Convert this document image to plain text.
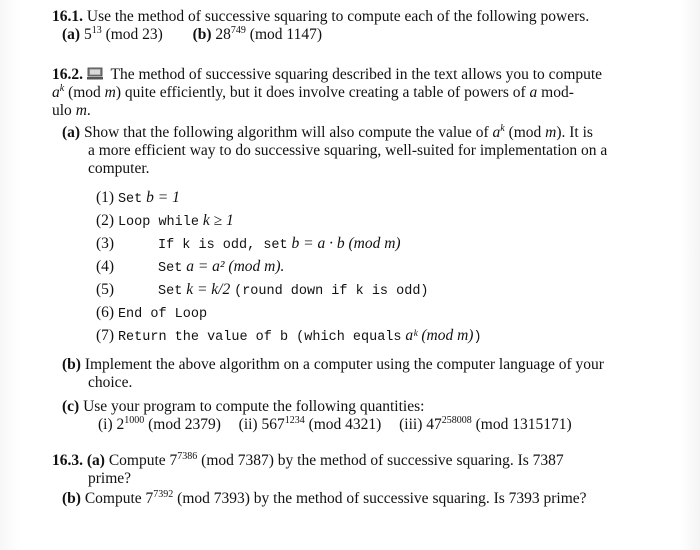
16.1. Use the method of successive squaring to compute each of the following powers.
(a) $5^{13}$ (mod 23) (b) $28^{749}$ (mod 1147)
16.2. The method of successive squaring described in the text allows you to compute
$a^k$ (mod m) quite efficiently, but it does involve creating a table of powers of a mod-
ulo m.
(a) Show that the following algorithm will also compute the value of $a^k$ (mod m). It is
a more efficient way to do successive squaring, well-suited for implementation on a
computer.
(1) Set b = 1
(2) Loop while k ≥ 1
(3)	If k is odd, set b = a · b (mod m)
(4)	Set a = a² (mod m).
(5)	Set k = k/2 (round down if k is odd)
(6) End of Loop
(7) Return the value of b (which equals aᵏ (mod m))
(b) Implement the above algorithm on a computer using the computer language of your
choice.
(c) Use your program to compute the following quantities:
(i) $2^{1000}$ (mod 2379) (ii) $567^{1234}$ (mod 4321) (iii) $47^{258008}$ (mod 1315171)
16.3. (a) Compute $7^{7386}$ (mod 7387) by the method of successive squaring. Is 7387
prime?
(b) Compute $7^{7392}$ (mod 7393) by the method of successive squaring. Is 7393 prime?
